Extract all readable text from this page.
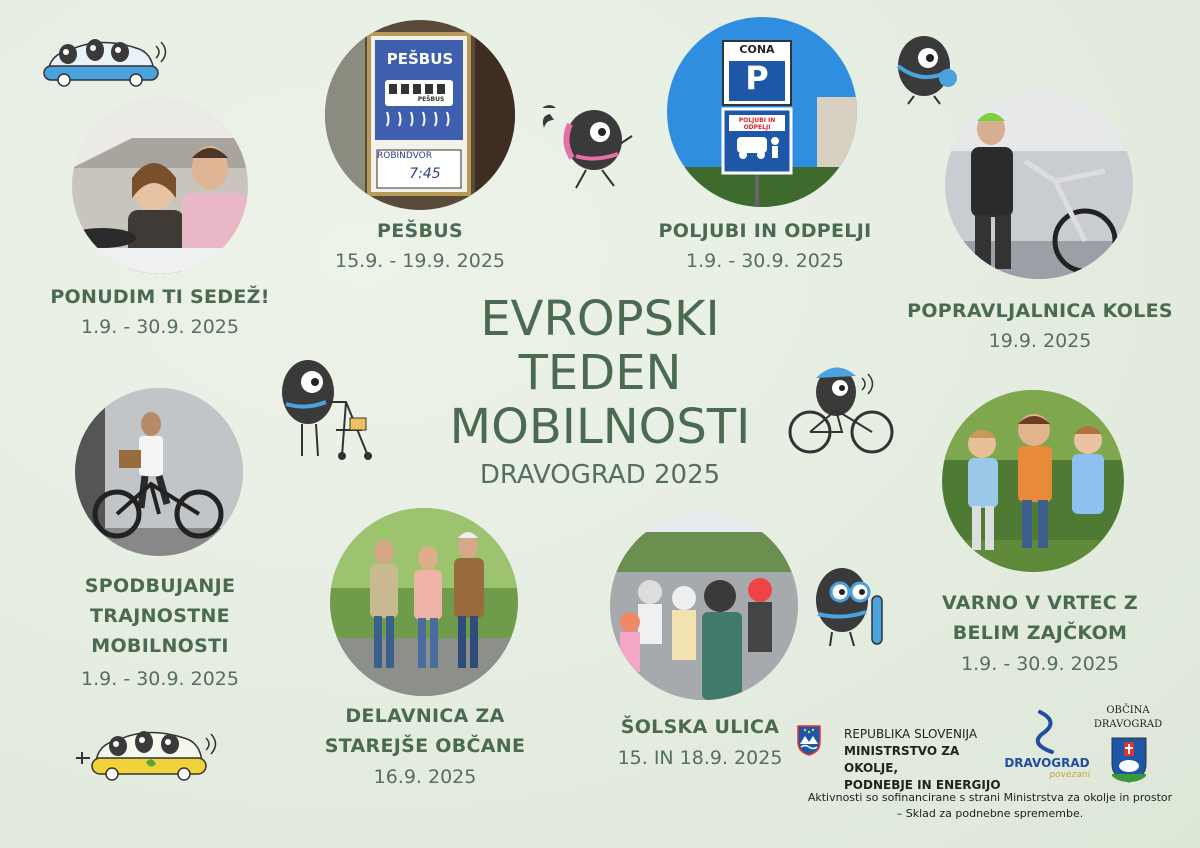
PONUDIM TI SEDEŽ!
1.9. - 30.9. 2025
PEŠBUS
PEŠBUS
ROBINDVOR
7:45
PEŠBUS
15.9. - 19.9. 2025
CONA
P
POLJUBI IN ODPELJI
POLJUBI IN ODPELJI
1.9. - 30.9. 2025
POPRAVLJALNICA KOLES
19.9. 2025
EVROPSKI
TEDEN
MOBILNOSTI
DRAVOGRAD 2025
SPODBUJANJE
TRAJNOSTNE
MOBILNOSTI
1.9. - 30.9. 2025
DELAVNICA ZA
STAREJŠE OBČANE
16.9. 2025
ŠOLSKA ULICA
15. IN 18.9. 2025
VARNO V VRTEC Z
BELIM ZAJČKOM
1.9. - 30.9. 2025
REPUBLIKA SLOVENIJA
MINISTRSTVO ZA OKOLJE,
PODNEBJE IN ENERGIJO
DRAVOGRAD
povezani
OBČINA
DRAVOGRAD
Aktivnosti so sofinancirane s strani Ministrstva za okolje in prostor
– Sklad za podnebne spremembe.
